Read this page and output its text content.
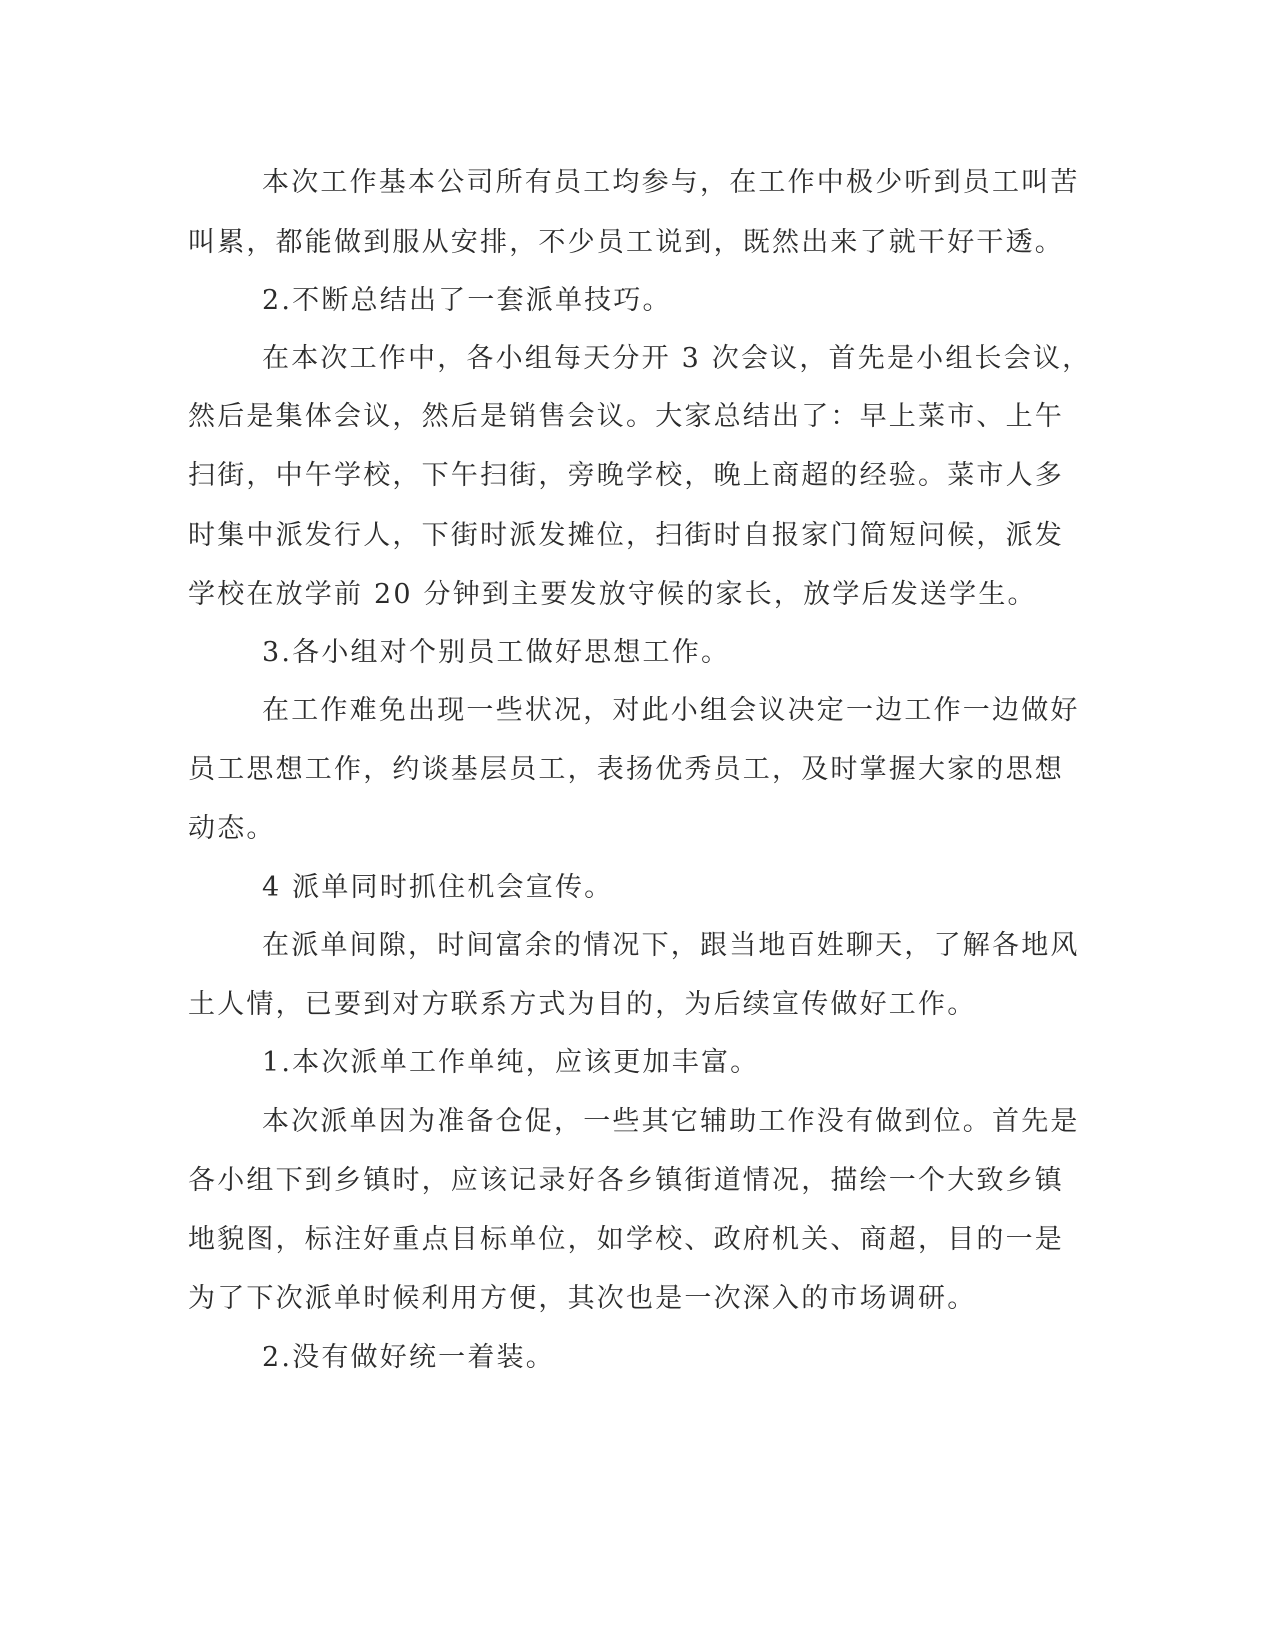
本次工作基本公司所有员工均参与，在工作中极少听到员工叫苦

叫累，都能做到服从安排，不少员工说到，既然出来了就干好干透。

2.不断总结出了一套派单技巧。

在本次工作中，各小组每天分开 3 次会议，首先是小组长会议，

然后是集体会议，然后是销售会议。大家总结出了：早上菜市、上午

扫街，中午学校，下午扫街，旁晚学校，晚上商超的经验。菜市人多

时集中派发行人，下街时派发摊位，扫街时自报家门简短问候，派发

学校在放学前 20 分钟到主要发放守候的家长，放学后发送学生。

3.各小组对个别员工做好思想工作。

在工作难免出现一些状况，对此小组会议决定一边工作一边做好

员工思想工作，约谈基层员工，表扬优秀员工，及时掌握大家的思想

动态。

4 派单同时抓住机会宣传。

在派单间隙，时间富余的情况下，跟当地百姓聊天，了解各地风

土人情，已要到对方联系方式为目的，为后续宣传做好工作。

1.本次派单工作单纯，应该更加丰富。

本次派单因为准备仓促，一些其它辅助工作没有做到位。首先是

各小组下到乡镇时，应该记录好各乡镇街道情况，描绘一个大致乡镇

地貌图，标注好重点目标单位，如学校、政府机关、商超，目的一是

为了下次派单时候利用方便，其次也是一次深入的市场调研。

2.没有做好统一着装。
